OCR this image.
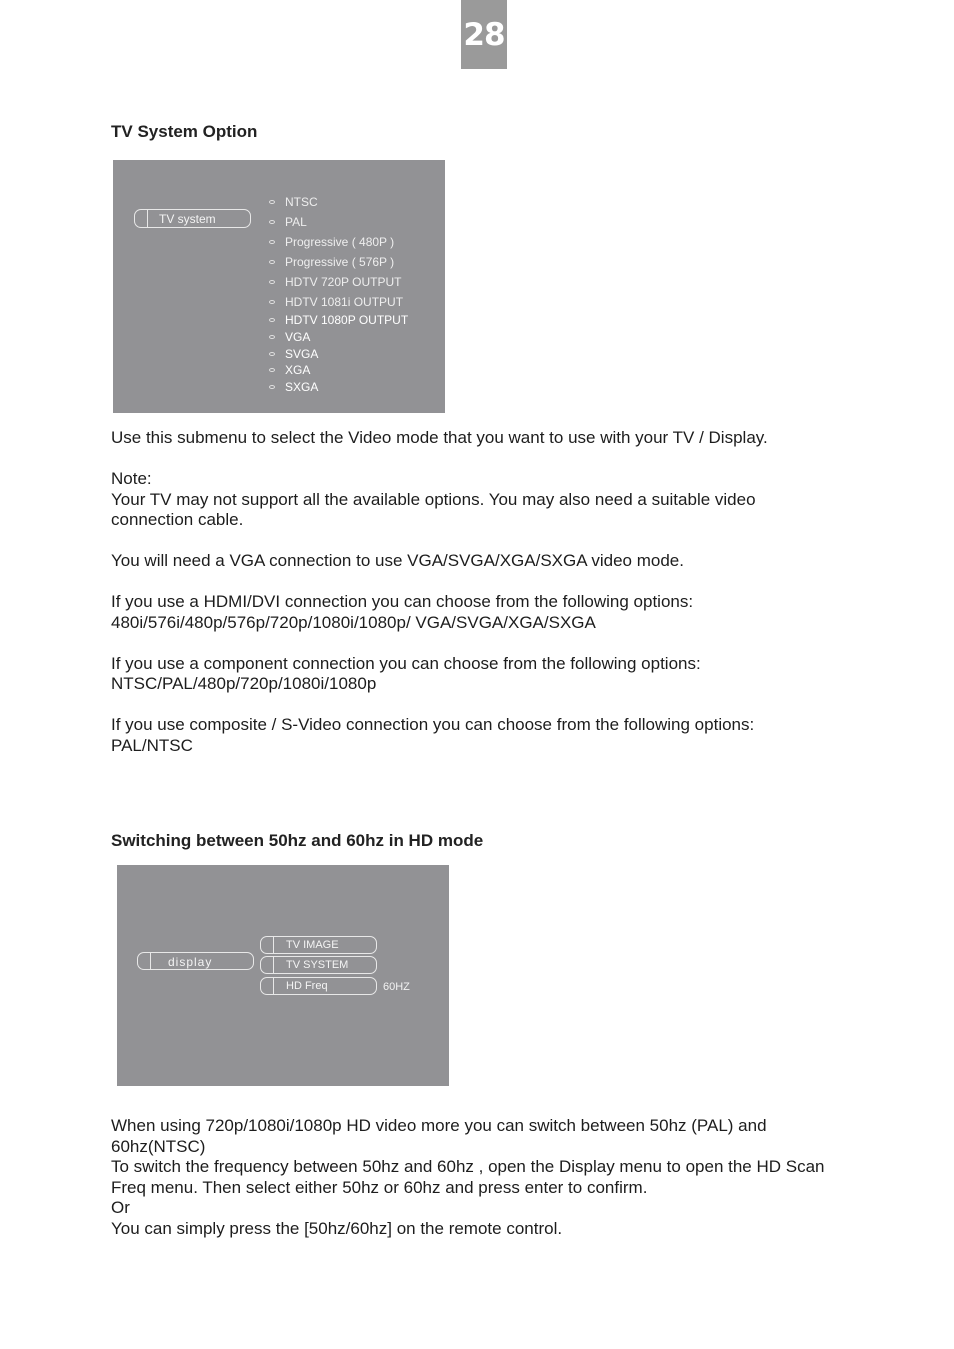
28
TV System Option
TV system
NTSC
PAL
Progressive ( 480P )
Progressive ( 576P )
HDTV 720P OUTPUT
HDTV 1081i OUTPUT
HDTV 1080P OUTPUT
VGA
SVGA
XGA
SXGA

Use this submenu to select the Video mode that you want to use with your TV / Display.

Note:

Your TV may not support all the available options. You may also need a suitable video connection cable.

You will need a VGA connection to use VGA/SVGA/XGA/SXGA video mode.

If you use a HDMI/DVI connection you can choose from the following options:

480i/576i/480p/576p/720p/1080i/1080p/ VGA/SVGA/XGA/SXGA

If you use a component connection you can choose from the following options:

NTSC/PAL/480p/720p/1080i/1080p

If you use composite / S-Video connection you can choose from the following options:

PAL/NTSC

Switching between 50hz and 60hz in HD mode
display
TV IMAGE
TV SYSTEM
HD Freq	60HZ

When using 720p/1080i/1080p HD video more you can switch between 50hz (PAL) and 60hz(NTSC)

To switch the frequency between 50hz and 60hz , open the Display menu to open the HD Scan Freq menu. Then select either 50hz or 60hz and press enter to confirm.

Or

You can simply press the [50hz/60hz] on the remote control.
